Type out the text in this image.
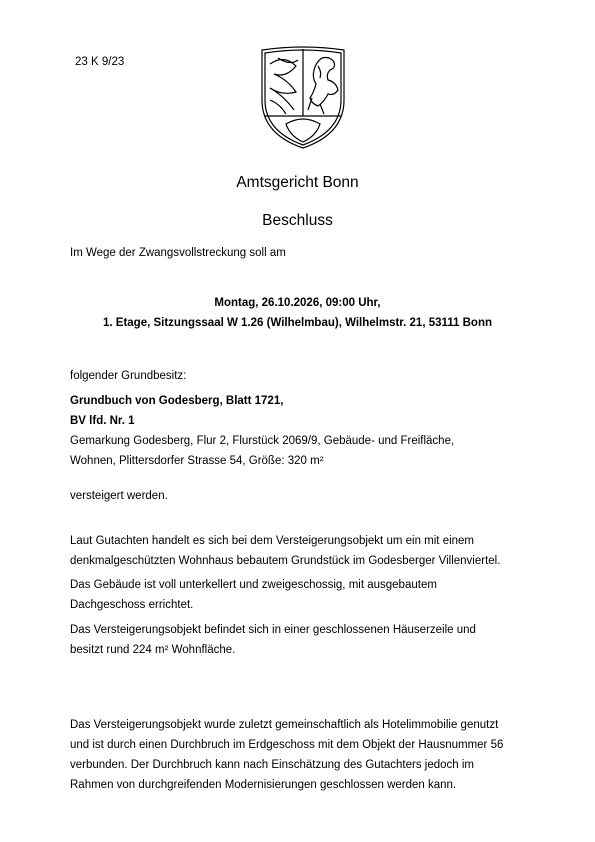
23 K 9/23
Amtsgericht Bonn
Beschluss
Im Wege der Zwangsvollstreckung soll am
Montag, 26.10.2026, 09:00 Uhr,
1. Etage, Sitzungssaal W 1.26 (Wilhelmbau), Wilhelmstr. 21, 53111 Bonn
folgender Grundbesitz:
Grundbuch von Godesberg, Blatt 1721,
BV lfd. Nr. 1
Gemarkung Godesberg, Flur 2, Flurstück 2069/9, Gebäude- und Freifläche,
Wohnen, Plittersdorfer Strasse 54, Größe: 320 m²
versteigert werden.
Laut Gutachten handelt es sich bei dem Versteigerungsobjekt um ein mit einem
denkmalgeschützten Wohnhaus bebautem Grundstück im Godesberger Villenviertel.
Das Gebäude ist voll unterkellert und zweigeschossig, mit ausgebautem
Dachgeschoss errichtet.
Das Versteigerungsobjekt befindet sich in einer geschlossenen Häuserzeile und
besitzt rund 224 m² Wohnfläche.
Das Versteigerungsobjekt wurde zuletzt gemeinschaftlich als Hotelimmobilie genutzt
und ist durch einen Durchbruch im Erdgeschoss mit dem Objekt der Hausnummer 56
verbunden. Der Durchbruch kann nach Einschätzung des Gutachters jedoch im
Rahmen von durchgreifenden Modernisierungen geschlossen werden kann.
